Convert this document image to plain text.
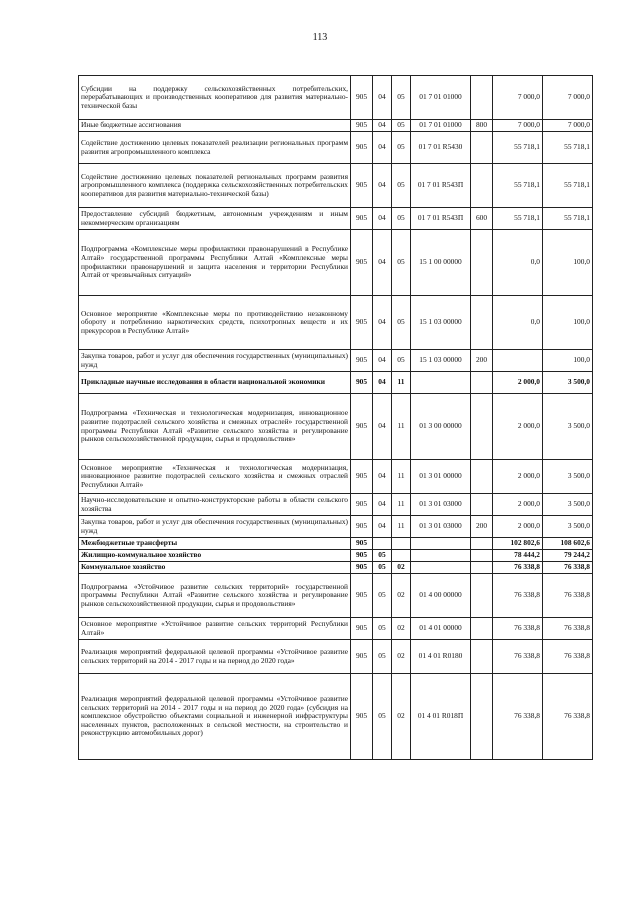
113
Субсидии на поддержку сельскохозяйственных потребительских, перерабатывающих и производственных кооперативов для развития материально-технической базы	905	04	05	01 7 01 01000		7 000,0	7 000,0
Иные бюджетные ассигнования	905	04	05	01 7 01 01000	800	7 000,0	7 000,0
Содействие достижению целевых показателей реализации региональных программ развития агропромышленного комплекса	905	04	05	01 7 01 R5430		55 718,1	55 718,1
Содействие достижению целевых показателей региональных программ развития агропромышленного комплекса (поддержка сельскохозяйственных потребительских кооперативов для развития материально-технической базы)	905	04	05	01 7 01 R543П		55 718,1	55 718,1
Предоставление субсидий бюджетным, автономным учреждениям и иным некоммерческим организациям	905	04	05	01 7 01 R543П	600	55 718,1	55 718,1
Подпрограмма «Комплексные меры профилактики правонарушений в Республике Алтай» государственной программы Республики Алтай «Комплексные меры профилактики правонарушений и защита населения и территории Республики Алтай от чрезвычайных ситуаций»	905	04	05	15 1 00 00000		0,0	100,0
Основное мероприятие «Комплексные меры по противодействию незаконному обороту и потреблению наркотических средств, психотропных веществ и их прекурсоров в Республике Алтай»	905	04	05	15 1 03 00000		0,0	100,0
Закупка товаров, работ и услуг для обеспечения государственных (муниципальных) нужд	905	04	05	15 1 03 00000	200		100,0
Прикладные научные исследования в области национальной экономики	905	04	11			2 000,0	3 500,0
Подпрограмма «Техническая и технологическая модернизация, инновационное развитие подотраслей сельского хозяйства и смежных отраслей» государственной программы Республики Алтай «Развитие сельского хозяйства и регулирование рынков сельскохозяйственной продукции, сырья и продовольствия»	905	04	11	01 3 00 00000		2 000,0	3 500,0
Основное мероприятие «Техническая и технологическая модернизация, инновационное развитие подотраслей сельского хозяйства и смежных отраслей Республики Алтай»	905	04	11	01 3 01 00000		2 000,0	3 500,0
Научно-исследовательские и опытно-конструкторские работы в области сельского хозяйства	905	04	11	01 3 01 03000		2 000,0	3 500,0
Закупка товаров, работ и услуг для обеспечения государственных (муниципальных) нужд	905	04	11	01 3 01 03000	200	2 000,0	3 500,0
Межбюджетные трансферты	905					102 802,6	108 602,6
Жилищно-коммунальное хозяйство	905	05				78 444,2	79 244,2
Коммунальное хозяйство	905	05	02			76 338,8	76 338,8
Подпрограмма «Устойчивое развитие сельских территорий» государственной программы Республики Алтай «Развитие сельского хозяйства и регулирование рынков сельскохозяйственной продукции, сырья и продовольствия»	905	05	02	01 4 00 00000		76 338,8	76 338,8
Основное мероприятие «Устойчивое развитие сельских территорий Республики Алтай»	905	05	02	01 4 01 00000		76 338,8	76 338,8
Реализация мероприятий федеральной целевой программы «Устойчивое развитие сельских территорий на 2014 - 2017 годы и на период до 2020 года»	905	05	02	01 4 01 R0180		76 338,8	76 338,8
Реализация мероприятий федеральной целевой программы «Устойчивое развитие сельских территорий на 2014 - 2017 годы и на период до 2020 года» (субсидия на комплексное обустройство объектами социальной и инженерной инфраструктуры населенных пунктов, расположенных в сельской местности, на строительство и реконструкцию автомобильных дорог)	905	05	02	01 4 01 R018П		76 338,8	76 338,8
